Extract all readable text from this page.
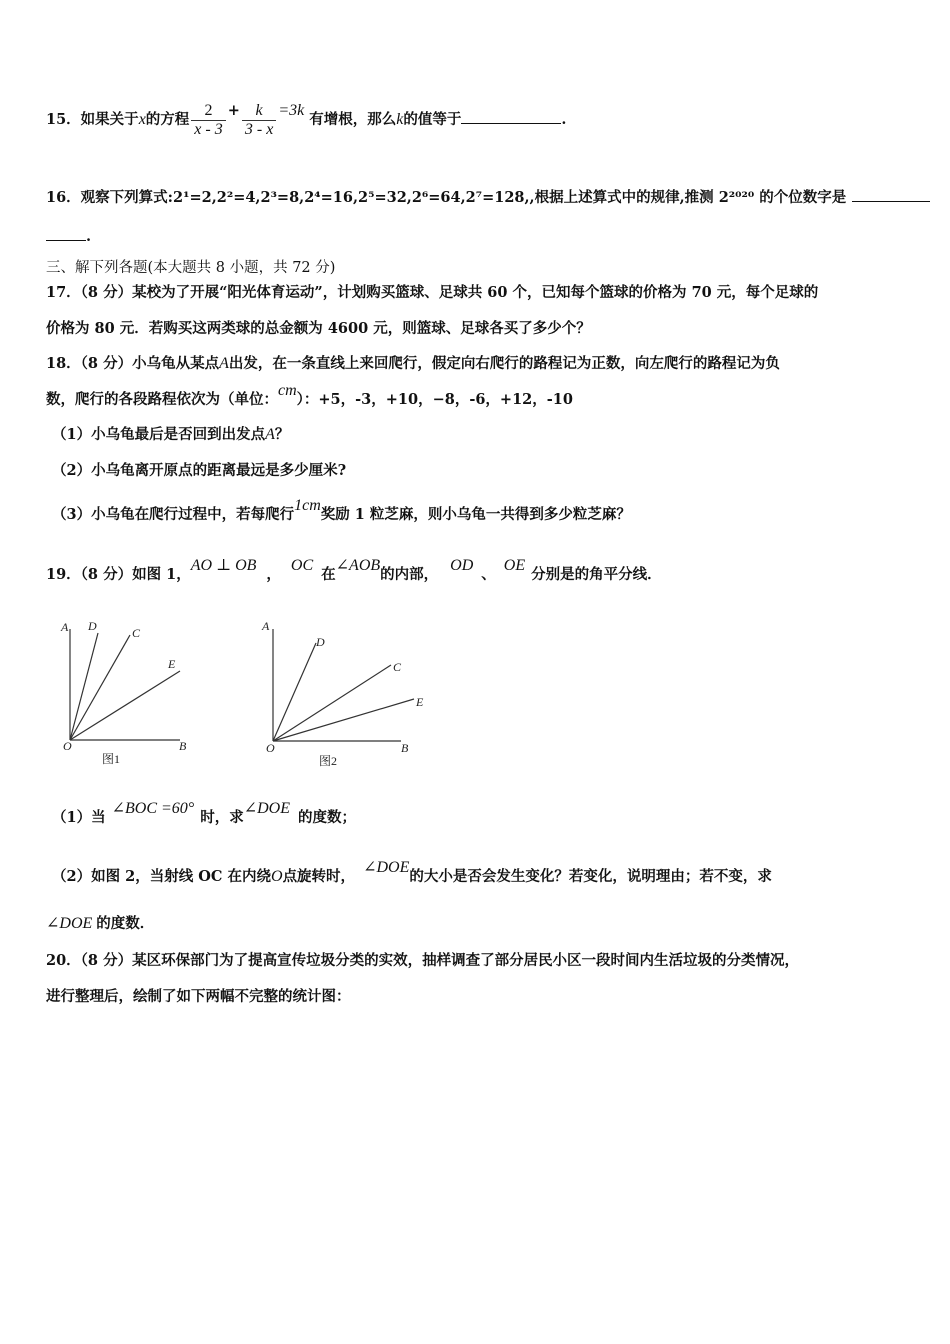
15．如果关于x的方程 $\frac{2}{x - 3} + \frac{k}{3 - x} =3k$ 有增根，那么k的值等于	.
16．观察下列算式:2¹=2,2²=4,2³=8,2⁴=16,2⁵=32,2⁶=64,2⁷=128,,根据上述算式中的规律,推测 2²⁰²⁰ 的个位数字是
.
三、解下列各题(本大题共 8 小题，共 72 分)
17．（8 分）某校为了开展“阳光体育运动”，计划购买篮球、足球共 60 个，已知每个篮球的价格为 70 元，每个足球的
价格为 80 元．若购买这两类球的总金额为 4600 元，则篮球、足球各买了多少个？
18．（8 分）小乌龟从某点A出发，在一条直线上来回爬行，假定向右爬行的路程记为正数，向左爬行的路程记为负
数，爬行的各段路程依次为（单位：cm）：+5，-3，+10，−8，-6，+12，-10
（1）小乌龟最后是否回到出发点A？
（2）小乌龟离开原点的距离最远是多少厘米?
（3）小乌龟在爬行过程中，若每爬行1cm奖励 1 粒芝麻，则小乌龟一共得到多少粒芝麻？
19．（8 分）如图 1，AO ⊥ OB，OC在∠AOB的内部，OD、OE分别是的角平分线．
A D	C
E
O	B
图1
A
D
C
E
O	B
图2
（1）当∠BOC =60°时，求∠DOE的度数；
（2）如图 2，当射线 OC 在内绕O点旋转时，∠DOE的大小是否会发生变化？若变化，说明理由；若不变，求
∠DOE 的度数．
20．（8 分）某区环保部门为了提高宣传垃圾分类的实效，抽样调查了部分居民小区一段时间内生活垃圾的分类情况，
进行整理后，绘制了如下两幅不完整的统计图：
